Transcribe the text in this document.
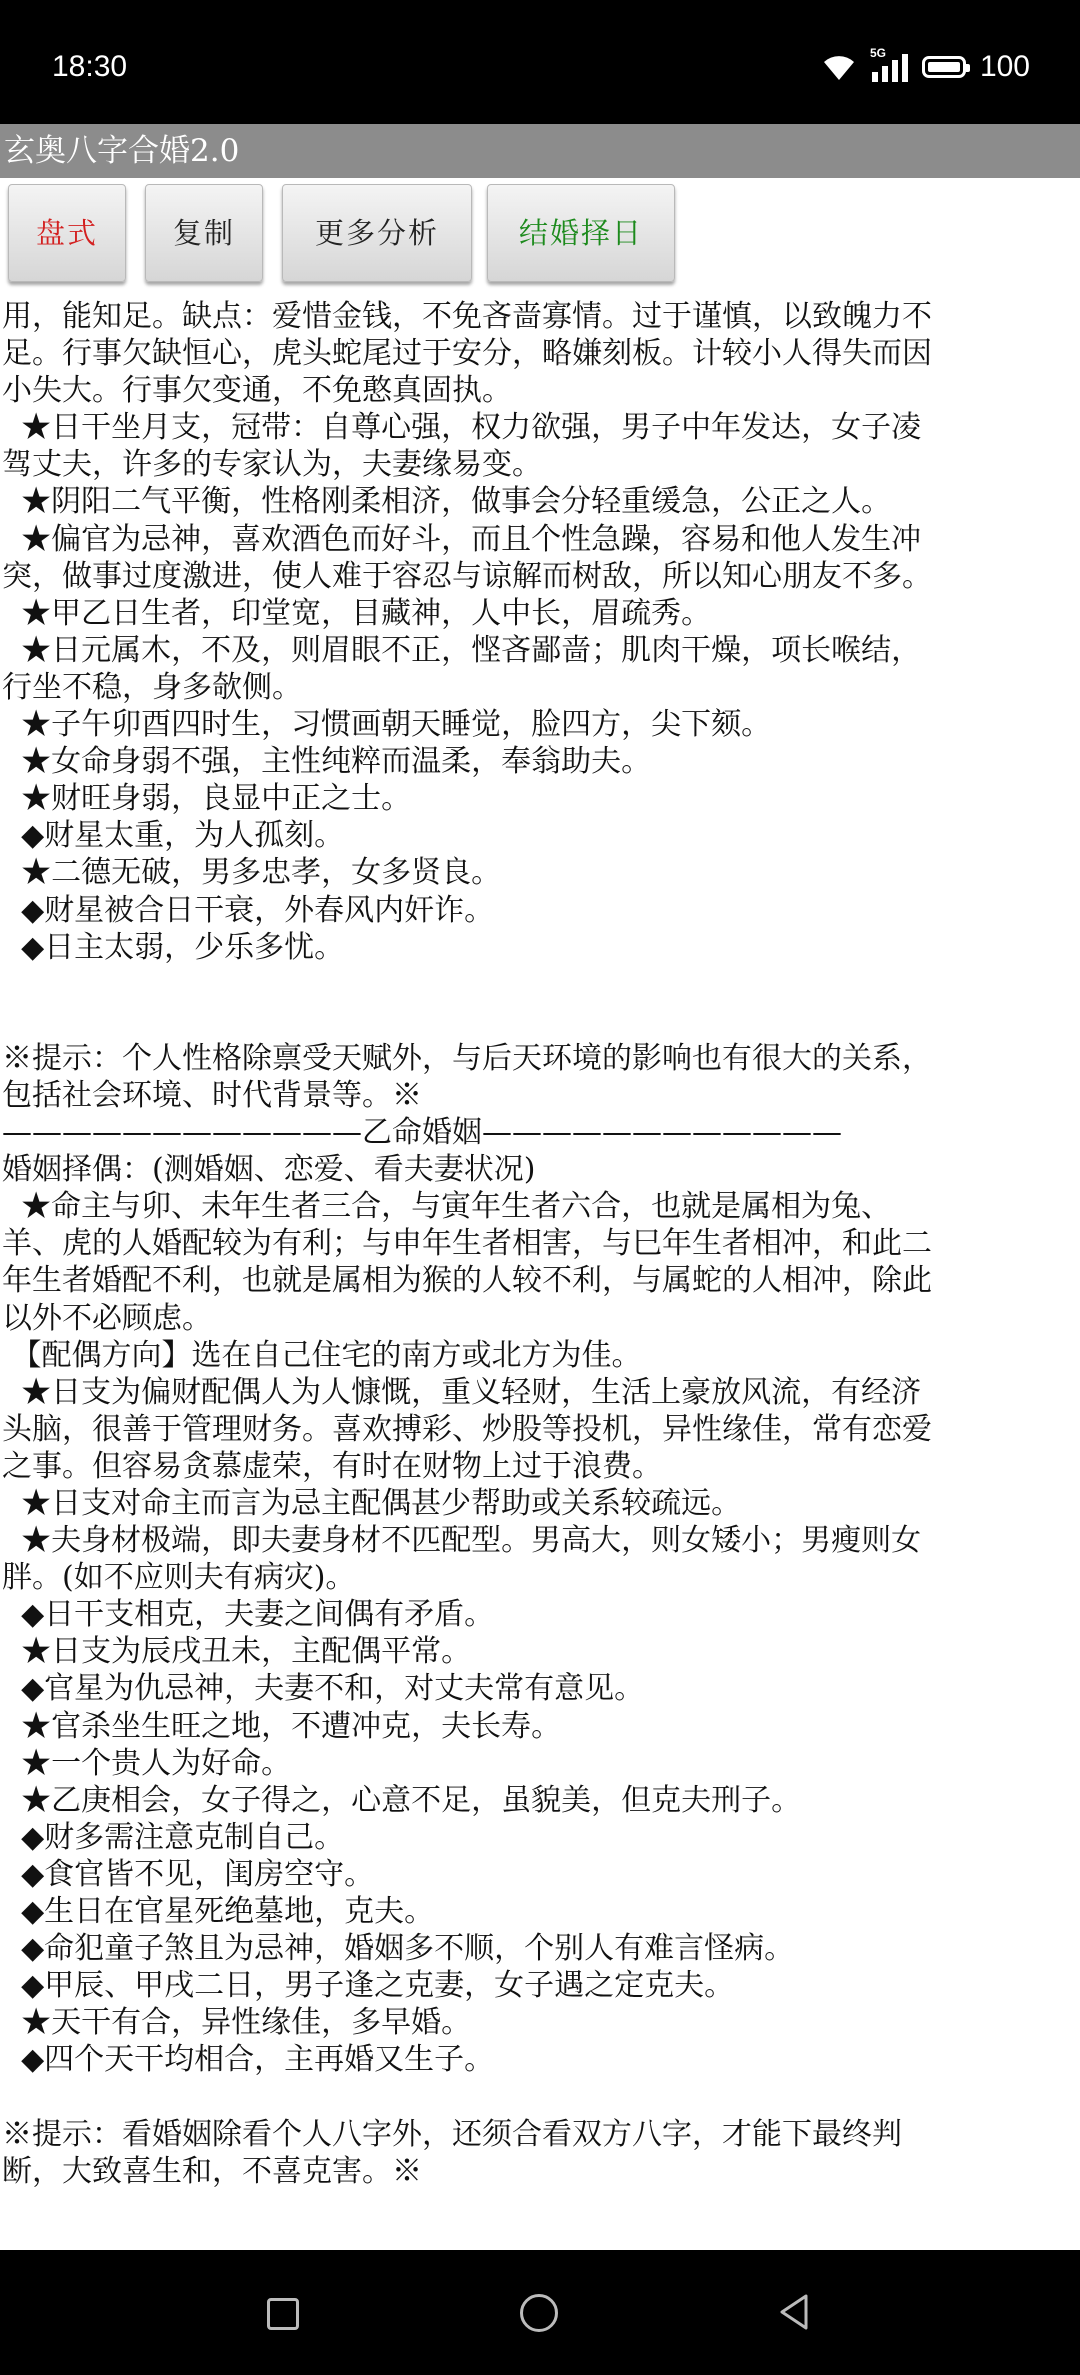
18:30	5G	100
玄奥八字合婚2.0
盘式	复制	更多分析	结婚择日
用，能知足。缺点：爱惜金钱，不免吝啬寡情。过于谨慎，以致魄力不
足。行事欠缺恒心，虎头蛇尾过于安分，略嫌刻板。计较小人得失而因
小失大。行事欠变通，不免憨真固执。
★日干坐月支，冠带：自尊心强，权力欲强，男子中年发达，女子凌
驾丈夫，许多的专家认为，夫妻缘易变。
★阴阳二气平衡，性格刚柔相济，做事会分轻重缓急，公正之人。
★偏官为忌神，喜欢酒色而好斗，而且个性急躁，容易和他人发生冲
突，做事过度激进，使人难于容忍与谅解而树敌，所以知心朋友不多。
★甲乙日生者，印堂宽，目藏神，人中长，眉疏秀。
★日元属木，不及，则眉眼不正，悭吝鄙啬；肌肉干燥，项长喉结，
行坐不稳，身多欹侧。
★子午卯酉四时生，习惯画朝天睡觉，脸四方，尖下颏。
★女命身弱不强，主性纯粹而温柔，奉翁助夫。
★财旺身弱，良显中正之士。
◆财星太重，为人孤刻。
★二德无破，男多忠孝，女多贤良。
◆财星被合日干衰，外春风内奸诈。
◆日主太弱，少乐多忧。

※提示：个人性格除禀受天赋外，与后天环境的影响也有很大的关系，
包括社会环境、时代背景等。※
————————————乙命婚姻————————————
婚姻择偶：(测婚姻、恋爱、看夫妻状况)
★命主与卯、未年生者三合，与寅年生者六合，也就是属相为兔、
羊、虎的人婚配较为有利；与申年生者相害，与巳年生者相冲，和此二
年生者婚配不利，也就是属相为猴的人较不利，与属蛇的人相冲，除此
以外不必顾虑。
【配偶方向】选在自己住宅的南方或北方为佳。
★日支为偏财配偶人为人慷慨，重义轻财，生活上豪放风流，有经济
头脑，很善于管理财务。喜欢搏彩、炒股等投机，异性缘佳，常有恋爱
之事。但容易贪慕虚荣，有时在财物上过于浪费。
★日支对命主而言为忌主配偶甚少帮助或关系较疏远。
★夫身材极端，即夫妻身材不匹配型。男高大，则女矮小；男瘦则女
胖。(如不应则夫有病灾)。
◆日干支相克，夫妻之间偶有矛盾。
★日支为辰戌丑未，主配偶平常。
◆官星为仇忌神，夫妻不和，对丈夫常有意见。
★官杀坐生旺之地，不遭冲克，夫长寿。
★一个贵人为好命。
★乙庚相会，女子得之，心意不足，虽貌美，但克夫刑子。
◆财多需注意克制自己。
◆食官皆不见，闺房空守。
◆生日在官星死绝墓地，克夫。
◆命犯童子煞且为忌神，婚姻多不顺，个别人有难言怪病。
◆甲辰、甲戌二日，男子逢之克妻，女子遇之定克夫。
★天干有合，异性缘佳，多早婚。
◆四个天干均相合，主再婚又生子。

※提示：看婚姻除看个人八字外，还须合看双方八字，才能下最终判
断，大致喜生和，不喜克害。※
